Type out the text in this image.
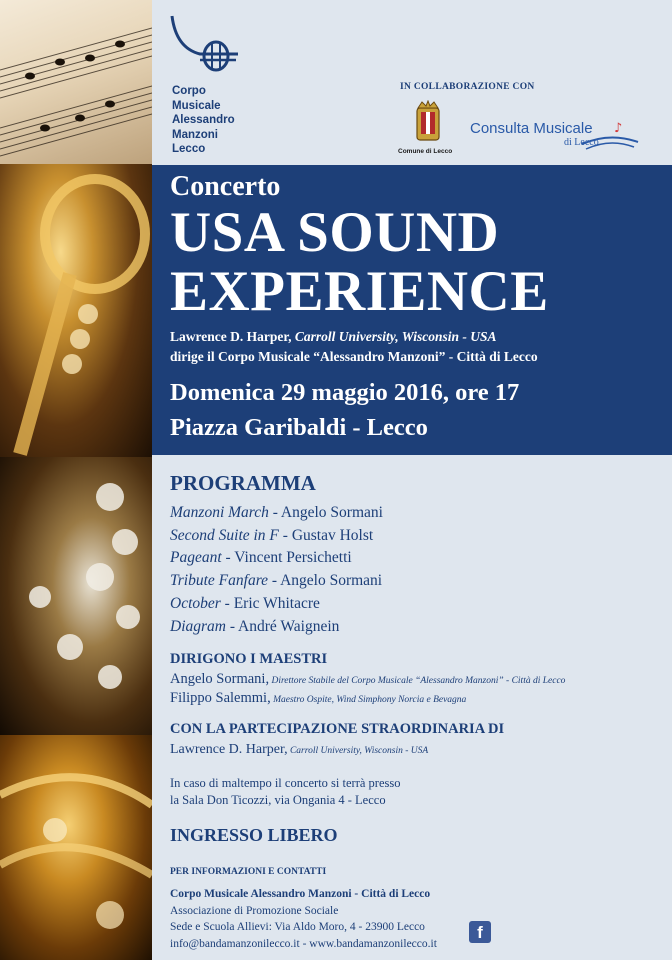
Corpo
Musicale
Alessandro
Manzoni
Lecco
IN COLLABORAZIONE CON
Comune di Lecco
Consulta Musicale
di Lecco
♪
Concerto
USA SOUND
EXPERIENCE
Lawrence D. Harper, Carroll University, Wisconsin - USA
dirige il Corpo Musicale “Alessandro Manzoni” - Città di Lecco
Domenica 29 maggio 2016, ore 17
Piazza Garibaldi - Lecco
PROGRAMMA
Manzoni March - Angelo Sormani
Second Suite in F - Gustav Holst
Pageant - Vincent Persichetti
Tribute Fanfare - Angelo Sormani
October - Eric Whitacre
Diagram - André Waignein
DIRIGONO I MAESTRI
Angelo Sormani, Direttore Stabile del Corpo Musicale “Alessandro Manzoni” - Città di Lecco
Filippo Salemmi, Maestro Ospite, Wind Simphony Norcia e Bevagna
CON LA PARTECIPAZIONE STRAORDINARIA DI
Lawrence D. Harper, Carroll University, Wisconsin - USA
In caso di maltempo il concerto si terrà presso
la Sala Don Ticozzi, via Ongania 4 - Lecco
INGRESSO LIBERO
PER INFORMAZIONI E CONTATTI
Corpo Musicale Alessandro Manzoni - Città di Lecco
Associazione di Promozione Sociale
Sede e Scuola Allievi: Via Aldo Moro, 4 - 23900 Lecco
info@bandamanzonilecco.it - www.bandamanzonilecco.it
f
